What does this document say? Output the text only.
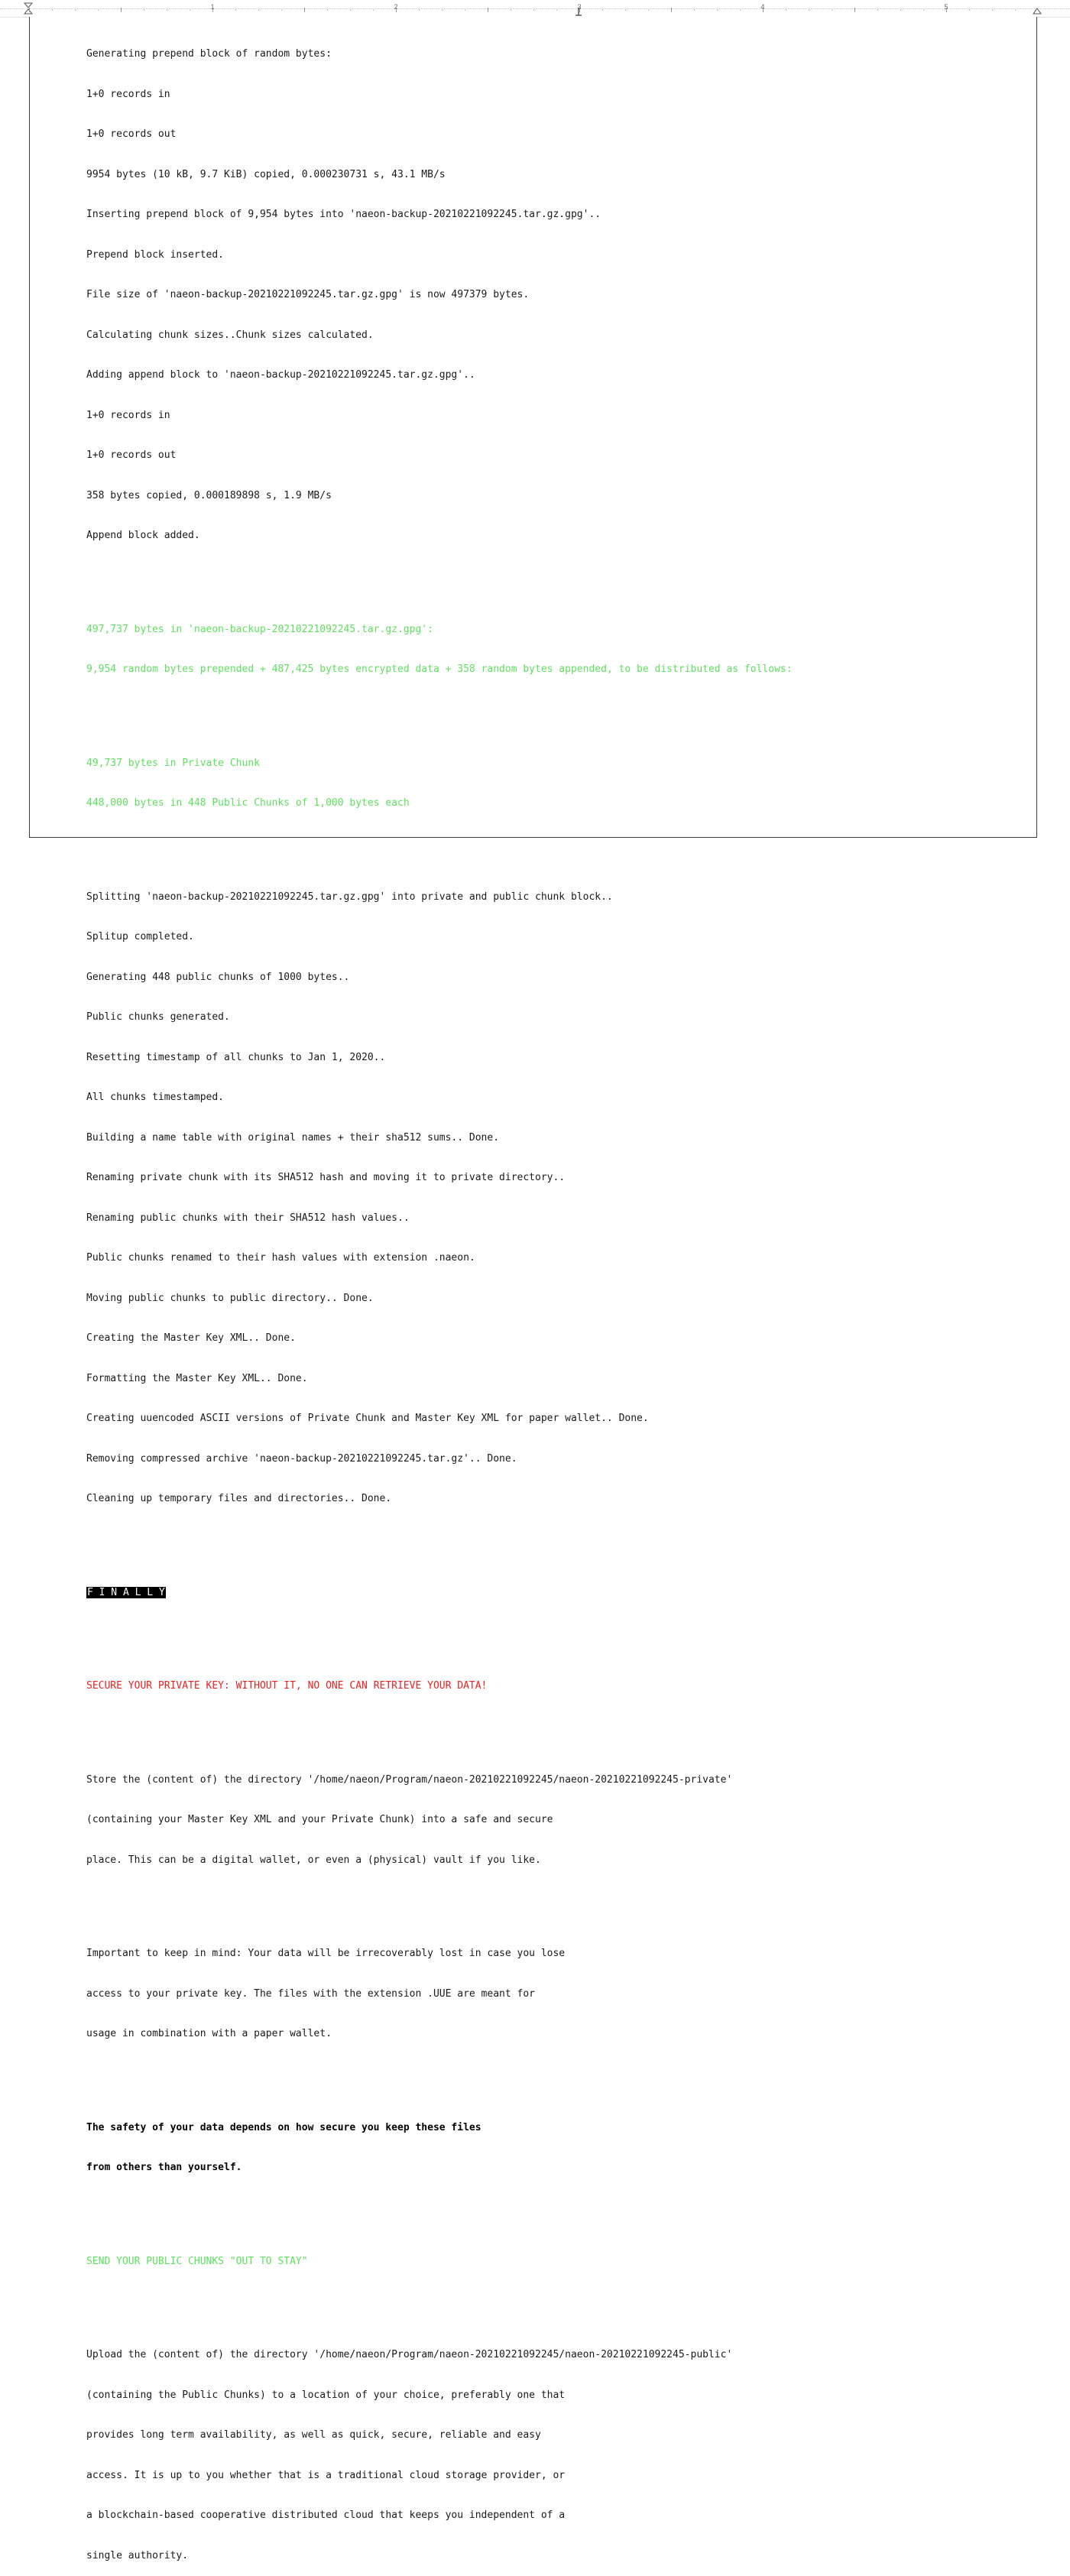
1	2	3	4	5

Generating prepend block of random bytes:

1+0 records in

1+0 records out

9954 bytes (10 kB, 9.7 KiB) copied, 0.000230731 s, 43.1 MB/s

Inserting prepend block of 9,954 bytes into 'naeon-backup-20210221092245.tar.gz.gpg'..

Prepend block inserted.

File size of 'naeon-backup-20210221092245.tar.gz.gpg' is now 497379 bytes.

Calculating chunk sizes..Chunk sizes calculated.

Adding append block to 'naeon-backup-20210221092245.tar.gz.gpg'..

1+0 records in

1+0 records out

358 bytes copied, 0.000189898 s, 1.9 MB/s

Append block added.

497,737 bytes in 'naeon-backup-20210221092245.tar.gz.gpg':

9,954 random bytes prepended + 487,425 bytes encrypted data + 358 random bytes appended, to be distributed as follows:

49,737 bytes in Private Chunk

448,000 bytes in 448 Public Chunks of 1,000 bytes each

Splitting 'naeon-backup-20210221092245.tar.gz.gpg' into private and public chunk block..

Splitup completed.

Generating 448 public chunks of 1000 bytes..

Public chunks generated.

Resetting timestamp of all chunks to Jan 1, 2020..

All chunks timestamped.

Building a name table with original names + their sha512 sums.. Done.

Renaming private chunk with its SHA512 hash and moving it to private directory..

Renaming public chunks with their SHA512 hash values..

Public chunks renamed to their hash values with extension .naeon.

Moving public chunks to public directory.. Done.

Creating the Master Key XML.. Done.

Formatting the Master Key XML.. Done.

Creating uuencoded ASCII versions of Private Chunk and Master Key XML for paper wallet.. Done.

Removing compressed archive 'naeon-backup-20210221092245.tar.gz'.. Done.

Cleaning up temporary files and directories.. Done.

F I N A L L Y

SECURE YOUR PRIVATE KEY: WITHOUT IT, NO ONE CAN RETRIEVE YOUR DATA!

Store the (content of) the directory '/home/naeon/Program/naeon-20210221092245/naeon-20210221092245-private'

(containing your Master Key XML and your Private Chunk) into a safe and secure

place. This can be a digital wallet, or even a (physical) vault if you like.

Important to keep in mind: Your data will be irrecoverably lost in case you lose

access to your private key. The files with the extension .UUE are meant for

usage in combination with a paper wallet.

The safety of your data depends on how secure you keep these files

from others than yourself.

SEND YOUR PUBLIC CHUNKS "OUT TO STAY"

Upload the (content of) the directory '/home/naeon/Program/naeon-20210221092245/naeon-20210221092245-public'

(containing the Public Chunks) to a location of your choice, preferably one that

provides long term availability, as well as quick, secure, reliable and easy

access. It is up to you whether that is a traditional cloud storage provider, or

a blockchain-based cooperative distributed cloud that keeps you independent of a

single authority.
